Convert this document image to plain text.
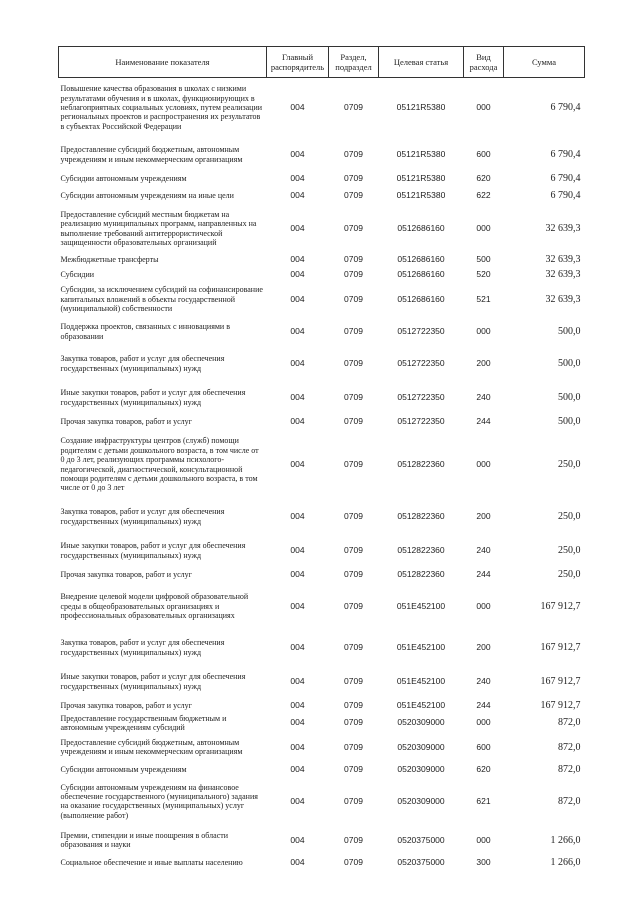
Наименование показателя	Главный распорядитель	Раздел, подраздел	Целевая статья	Вид расхода	Сумма
Повышение качества образования в школах с низкими результатами обучения и в школах, функционирующих в неблагоприятных социальных условиях, путем реализации региональных проектов и распространения их результатов в субъектах Российской Федерации	004	0709	05121R5380	000	6 790,4
Предоставление субсидий бюджетным, автономным учреждениям и иным некоммерческим организациям	004	0709	05121R5380	600	6 790,4
Субсидии автономным учреждениям	004	0709	05121R5380	620	6 790,4
Субсидии автономным учреждениям на иные цели	004	0709	05121R5380	622	6 790,4
Предоставление субсидий местным бюджетам на реализацию муниципальных программ, направленных на выполнение требований антитеррористической защищенности образовательных организаций	004	0709	0512686160	000	32 639,3
Межбюджетные трансферты	004	0709	0512686160	500	32 639,3
Субсидии	004	0709	0512686160	520	32 639,3
Субсидии, за исключением субсидий на софинансирование капитальных вложений в объекты государственной (муниципальной) собственности	004	0709	0512686160	521	32 639,3
Поддержка проектов, связанных с инновациями в образовании	004	0709	0512722350	000	500,0
Закупка товаров, работ и услуг для обеспечения государственных (муниципальных) нужд	004	0709	0512722350	200	500,0
Иные закупки товаров, работ и услуг для обеспечения государственных (муниципальных) нужд	004	0709	0512722350	240	500,0
Прочая закупка товаров, работ и услуг	004	0709	0512722350	244	500,0
Создание инфраструктуры центров (служб) помощи родителям с детьми дошкольного возраста, в том числе от 0 до 3 лет, реализующих программы психолого-педагогической, диагностической, консультационной помощи родителям с детьми дошкольного возраста, в том числе от 0 до 3 лет	004	0709	0512822360	000	250,0
Закупка товаров, работ и услуг для обеспечения государственных (муниципальных) нужд	004	0709	0512822360	200	250,0
Иные закупки товаров, работ и услуг для обеспечения государственных (муниципальных) нужд	004	0709	0512822360	240	250,0
Прочая закупка товаров, работ и услуг	004	0709	0512822360	244	250,0
Внедрение целевой модели цифровой образовательной среды в общеобразовательных организациях и профессиональных образовательных организациях	004	0709	051E452100	000	167 912,7
Закупка товаров, работ и услуг для обеспечения государственных (муниципальных) нужд	004	0709	051E452100	200	167 912,7
Иные закупки товаров, работ и услуг для обеспечения государственных (муниципальных) нужд	004	0709	051E452100	240	167 912,7
Прочая закупка товаров, работ и услуг	004	0709	051E452100	244	167 912,7
Предоставление государственным бюджетным и автономным учреждениям субсидий	004	0709	0520309000	000	872,0
Предоставление субсидий бюджетным, автономным учреждениям и иным некоммерческим организациям	004	0709	0520309000	600	872,0
Субсидии автономным учреждениям	004	0709	0520309000	620	872,0
Субсидии автономным учреждениям на финансовое обеспечение государственного (муниципального) задания на оказание государственных (муниципальных) услуг (выполнение работ)	004	0709	0520309000	621	872,0
Премии, стипендии и иные поощрения в области образования и науки	004	0709	0520375000	000	1 266,0
Социальное обеспечение и иные выплаты населению	004	0709	0520375000	300	1 266,0
